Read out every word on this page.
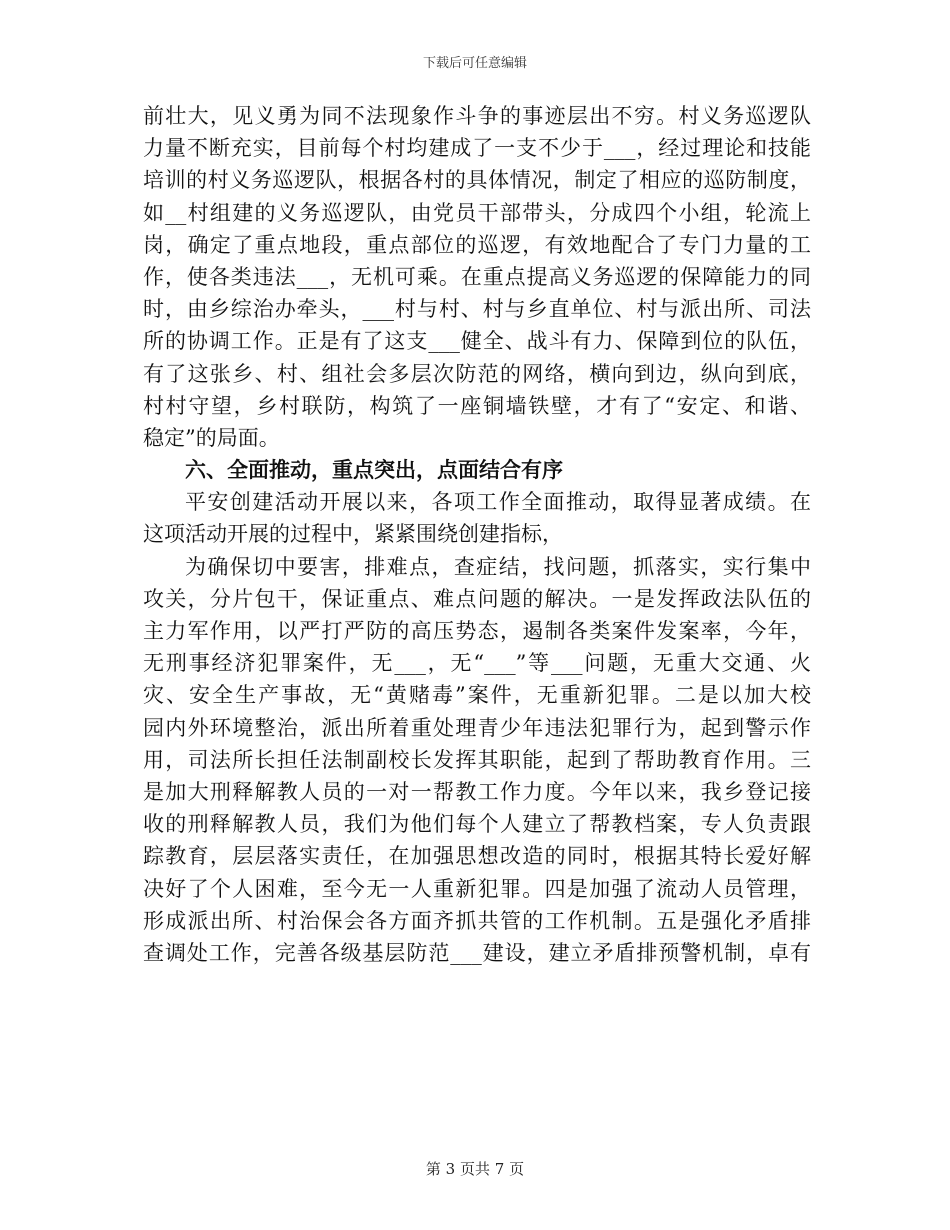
下载后可任意编辑
前壮大，见义勇为同不法现象作斗争的事迹层出不穷。村义务巡逻队
力量不断充实，目前每个村均建成了一支不少于___，经过理论和技能
培训的村义务巡逻队，根据各村的具体情况，制定了相应的巡防制度，
如__村组建的义务巡逻队，由党员干部带头，分成四个小组，轮流上
岗，确定了重点地段，重点部位的巡逻，有效地配合了专门力量的工
作，使各类违法___，无机可乘。在重点提高义务巡逻的保障能力的同
时，由乡综治办牵头，___村与村、村与乡直单位、村与派出所、司法
所的协调工作。正是有了这支___健全、战斗有力、保障到位的队伍，
有了这张乡、村、组社会多层次防范的网络，横向到边，纵向到底，
村村守望，乡村联防，构筑了一座铜墙铁壁，才有了“安定、和谐、
稳定”的局面。
六、全面推动，重点突出，点面结合有序
平安创建活动开展以来，各项工作全面推动，取得显著成绩。在
这项活动开展的过程中，紧紧围绕创建指标，
为确保切中要害，排难点，查症结，找问题，抓落实，实行集中
攻关，分片包干，保证重点、难点问题的解决。一是发挥政法队伍的
主力军作用，以严打严防的高压势态，遏制各类案件发案率，今年，
无刑事经济犯罪案件，无___，无“___”等___问题，无重大交通、火
灾、安全生产事故，无“黄赌毒”案件，无重新犯罪。二是以加大校
园内外环境整治，派出所着重处理青少年违法犯罪行为，起到警示作
用，司法所长担任法制副校长发挥其职能，起到了帮助教育作用。三
是加大刑释解教人员的一对一帮教工作力度。今年以来，我乡登记接
收的刑释解教人员，我们为他们每个人建立了帮教档案，专人负责跟
踪教育，层层落实责任，在加强思想改造的同时，根据其特长爱好解
决好了个人困难，至今无一人重新犯罪。四是加强了流动人员管理，
形成派出所、村治保会各方面齐抓共管的工作机制。五是强化矛盾排
查调处工作，完善各级基层防范___建设，建立矛盾排预警机制，卓有
第 3 页共 7 页
